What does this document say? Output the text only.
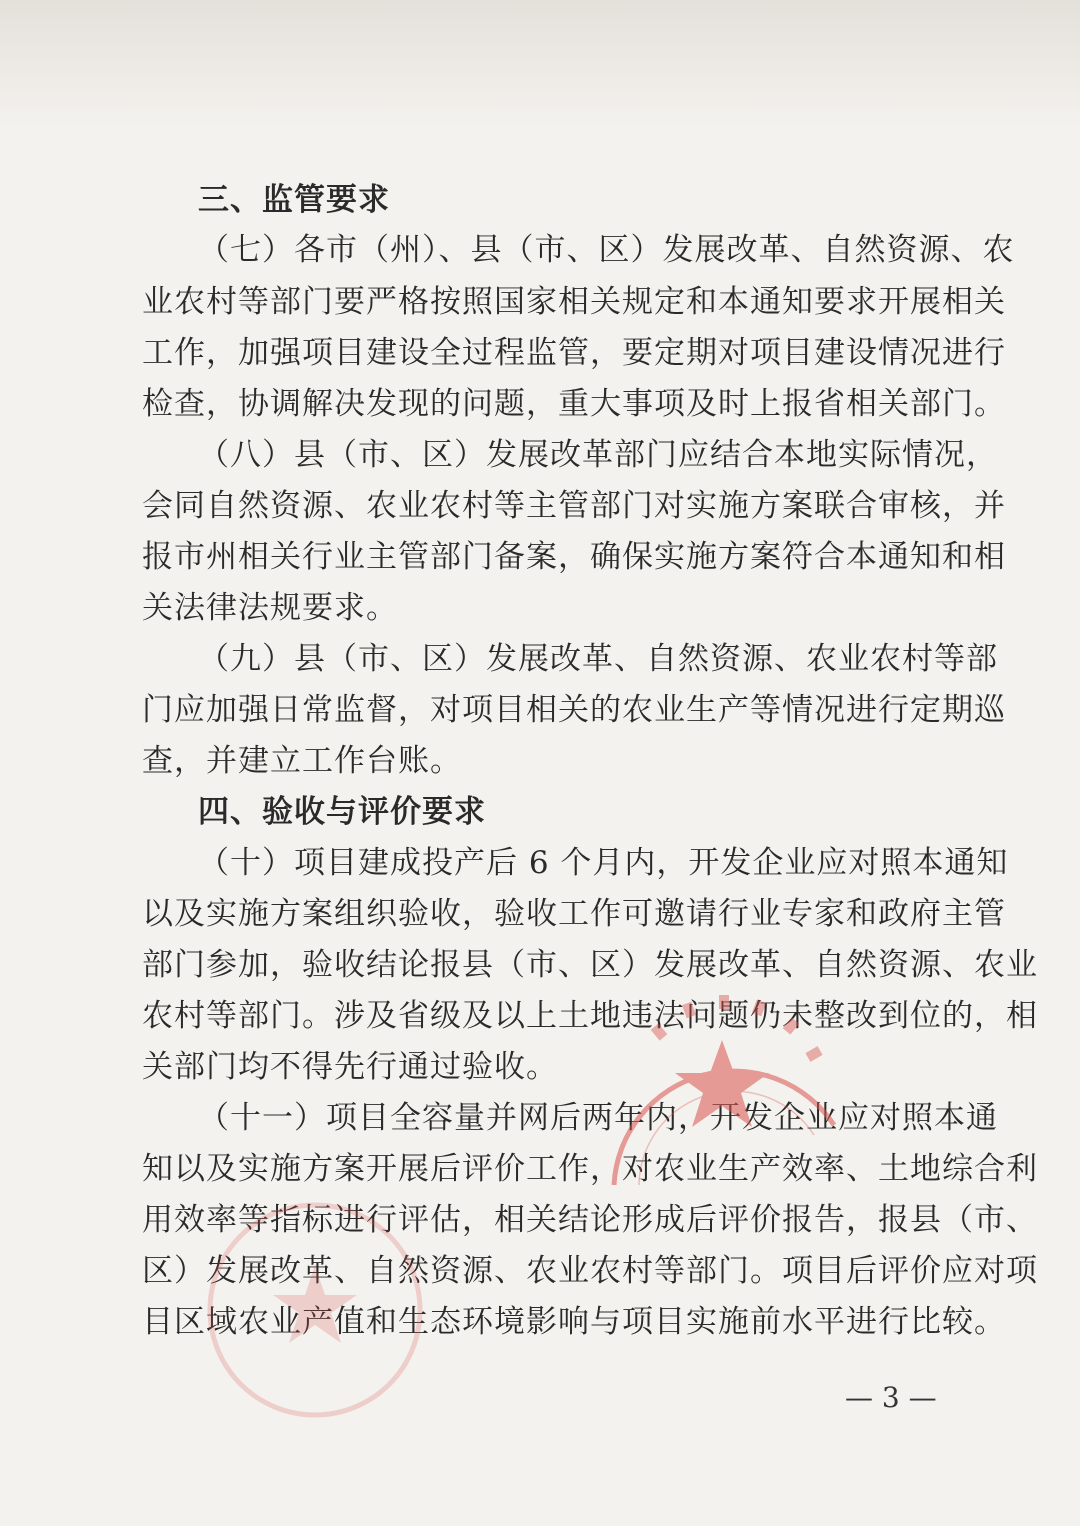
三、监管要求
（七）各市（州）、县（市、区）发展改革、自然资源、农
业农村等部门要严格按照国家相关规定和本通知要求开展相关
工作，加强项目建设全过程监管，要定期对项目建设情况进行
检查，协调解决发现的问题，重大事项及时上报省相关部门。
（八）县（市、区）发展改革部门应结合本地实际情况，
会同自然资源、农业农村等主管部门对实施方案联合审核，并
报市州相关行业主管部门备案，确保实施方案符合本通知和相
关法律法规要求。
（九）县（市、区）发展改革、自然资源、农业农村等部
门应加强日常监督，对项目相关的农业生产等情况进行定期巡
查，并建立工作台账。
四、验收与评价要求
（十）项目建成投产后 6 个月内，开发企业应对照本通知
以及实施方案组织验收，验收工作可邀请行业专家和政府主管
部门参加，验收结论报县（市、区）发展改革、自然资源、农业
农村等部门。涉及省级及以上土地违法问题仍未整改到位的，相
关部门均不得先行通过验收。
（十一）项目全容量并网后两年内，开发企业应对照本通
知以及实施方案开展后评价工作，对农业生产效率、土地综合利
用效率等指标进行评估，相关结论形成后评价报告，报县（市、
区）发展改革、自然资源、农业农村等部门。项目后评价应对项
目区域农业产值和生态环境影响与项目实施前水平进行比较。
— 3 —
